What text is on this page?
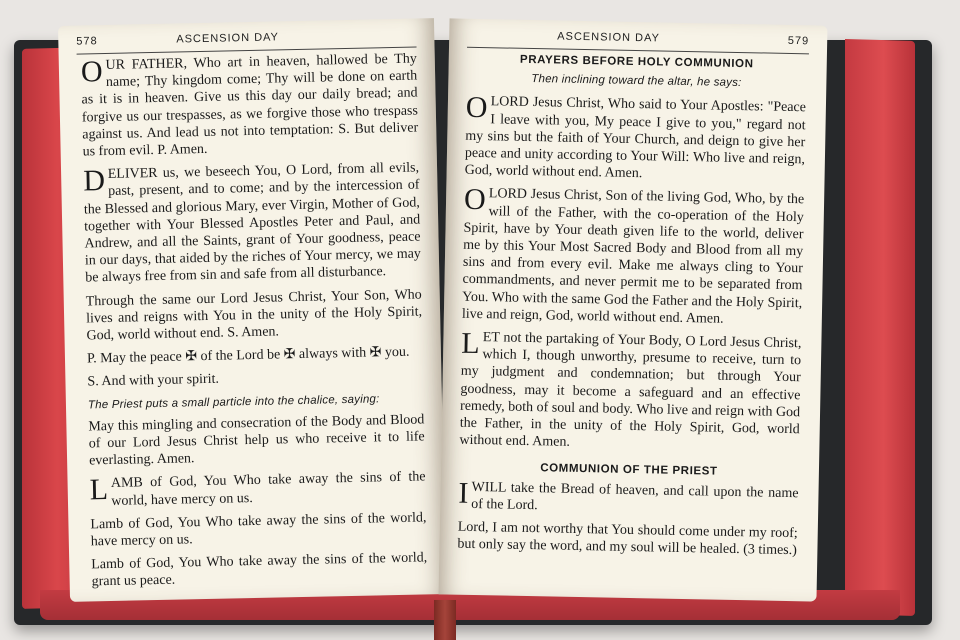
578	ASCENSION DAY

OUR FATHER, Who art in heaven, hallowed be Thy name; Thy kingdom come; Thy will be done on earth as it is in heaven. Give us this day our daily bread; and forgive us our trespasses, as we forgive those who trespass against us. And lead us not into temptation: S. But deliver us from evil. P. Amen.

DELIVER us, we beseech You, O Lord, from all evils, past, present, and to come; and by the intercession of the Blessed and glorious Mary, ever Virgin, Mother of God, together with Your Blessed Apostles Peter and Paul, and Andrew, and all the Saints, grant of Your goodness, peace in our days, that aided by the riches of Your mercy, we may be always free from sin and safe from all disturbance.

Through the same our Lord Jesus Christ, Your Son, Who lives and reigns with You in the unity of the Holy Spirit, God, world without end. S. Amen.

P. May the peace ✠ of the Lord be ✠ always with ✠ you.

S. And with your spirit.

The Priest puts a small particle into the chalice, saying:

May this mingling and consecration of the Body and Blood of our Lord Jesus Christ help us who receive it to life everlasting. Amen.

LAMB of God, You Who take away the sins of the world, have mercy on us.

Lamb of God, You Who take away the sins of the world, have mercy on us.

Lamb of God, You Who take away the sins of the world, grant us peace.

ASCENSION DAY	579

PRAYERS BEFORE HOLY COMMUNION

Then inclining toward the altar, he says:

OLORD Jesus Christ, Who said to Your Apostles: "Peace I leave with you, My peace I give to you," regard not my sins but the faith of Your Church, and deign to give her peace and unity according to Your Will: Who live and reign, God, world without end. Amen.

OLORD Jesus Christ, Son of the living God, Who, by the will of the Father, with the co-operation of the Holy Spirit, have by Your death given life to the world, deliver me by this Your Most Sacred Body and Blood from all my sins and from every evil. Make me always cling to Your commandments, and never permit me to be separated from You. Who with the same God the Father and the Holy Spirit, live and reign, God, world without end. Amen.

LET not the partaking of Your Body, O Lord Jesus Christ, which I, though unworthy, presume to receive, turn to my judgment and condemnation; but through Your goodness, may it become a safeguard and an effective remedy, both of soul and body. Who live and reign with God the Father, in the unity of the Holy Spirit, God, world without end. Amen.

COMMUNION OF THE PRIEST

IWILL take the Bread of heaven, and call upon the name of the Lord.

Lord, I am not worthy that You should come under my roof; but only say the word, and my soul will be healed. (3 times.)
